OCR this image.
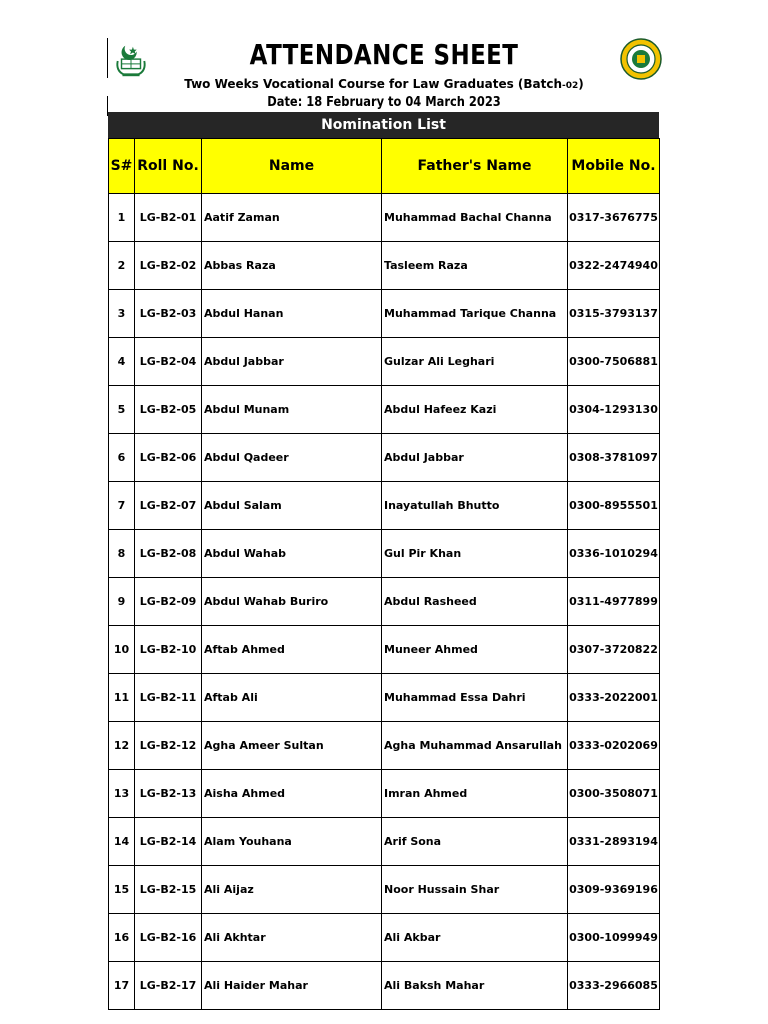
ATTENDANCE SHEET
Two Weeks Vocational Course for Law Graduates (Batch-02)
Date: 18 February to 04 March 2023
Nomination List
S#	Roll No.	Name	Father's Name	Mobile No.
1	LG-B2-01	Aatif Zaman	Muhammad Bachal Channa	0317-3676775
2	LG-B2-02	Abbas Raza	Tasleem Raza	0322-2474940
3	LG-B2-03	Abdul Hanan	Muhammad Tarique Channa	0315-3793137
4	LG-B2-04	Abdul Jabbar	Gulzar Ali Leghari	0300-7506881
5	LG-B2-05	Abdul Munam	Abdul Hafeez Kazi	0304-1293130
6	LG-B2-06	Abdul Qadeer	Abdul Jabbar	0308-3781097
7	LG-B2-07	Abdul Salam	Inayatullah Bhutto	0300-8955501
8	LG-B2-08	Abdul Wahab	Gul Pir Khan	0336-1010294
9	LG-B2-09	Abdul Wahab Buriro	Abdul Rasheed	0311-4977899
10	LG-B2-10	Aftab Ahmed	Muneer Ahmed	0307-3720822
11	LG-B2-11	Aftab Ali	Muhammad Essa Dahri	0333-2022001
12	LG-B2-12	Agha Ameer Sultan	Agha Muhammad Ansarullah	0333-0202069
13	LG-B2-13	Aisha Ahmed	Imran Ahmed	0300-3508071
14	LG-B2-14	Alam Youhana	Arif Sona	0331-2893194
15	LG-B2-15	Ali Aijaz	Noor Hussain Shar	0309-9369196
16	LG-B2-16	Ali Akhtar	Ali Akbar	0300-1099949
17	LG-B2-17	Ali Haider Mahar	Ali Baksh Mahar	0333-2966085
